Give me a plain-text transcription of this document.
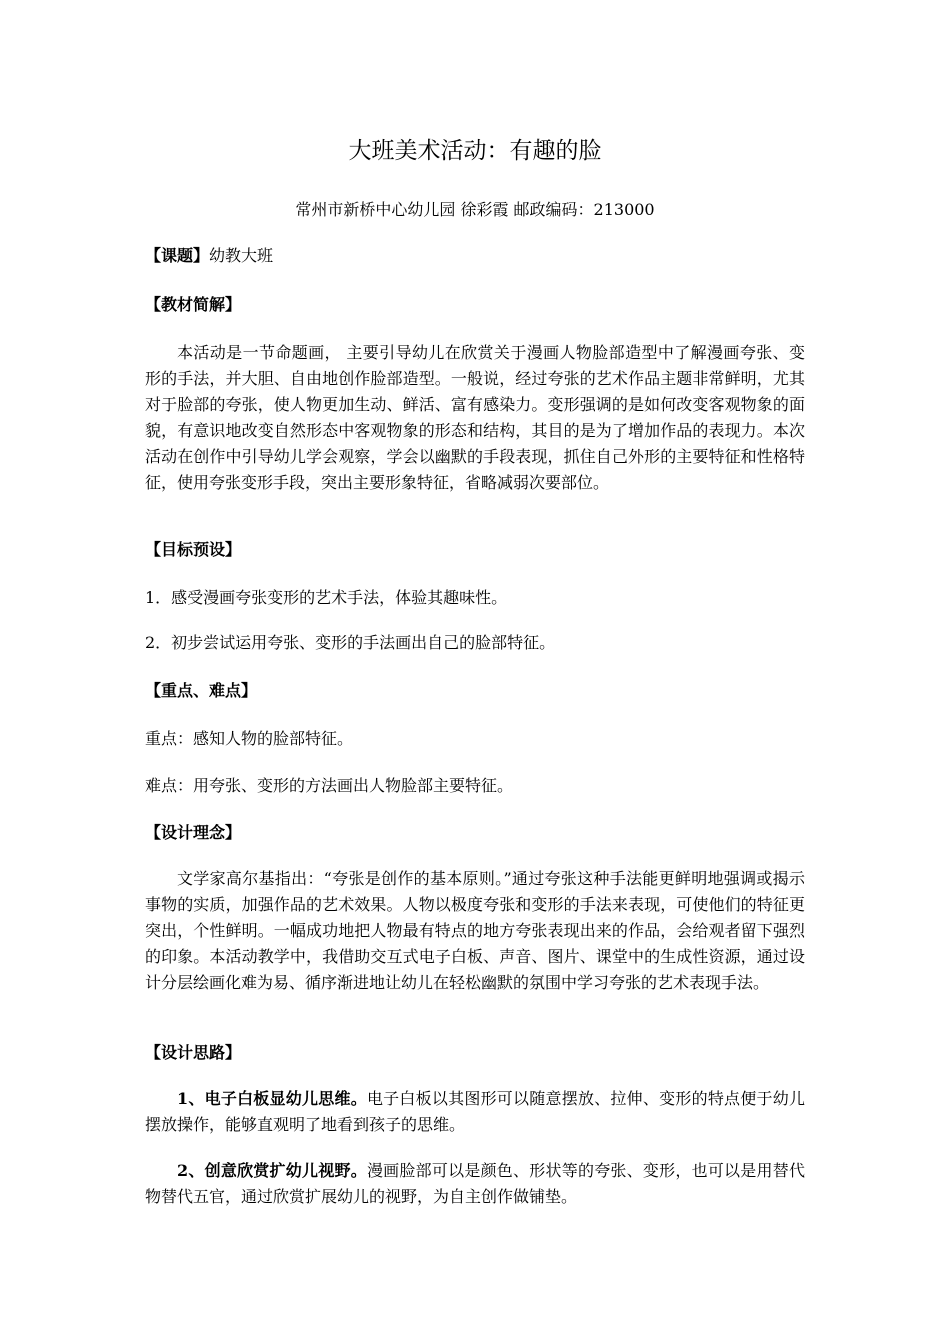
大班美术活动：有趣的脸

常州市新桥中心幼儿园 徐彩霞 邮政编码：213000

【课题】幼教大班

【教材简解】

本活动是一节命题画， 主要引导幼儿在欣赏关于漫画人物脸部造型中了解漫画夸张、变形的手法，并大胆、自由地创作脸部造型。一般说，经过夸张的艺术作品主题非常鲜明，尤其对于脸部的夸张，使人物更加生动、鲜活、富有感染力。变形强调的是如何改变客观物象的面貌，有意识地改变自然形态中客观物象的形态和结构，其目的是为了增加作品的表现力。本次活动在创作中引导幼儿学会观察，学会以幽默的手段表现，抓住自己外形的主要特征和性格特征，使用夸张变形手段，突出主要形象特征，省略减弱次要部位。

【目标预设】

1．感受漫画夸张变形的艺术手法，体验其趣味性。

2．初步尝试运用夸张、变形的手法画出自己的脸部特征。

【重点、难点】

重点：感知人物的脸部特征。

难点：用夸张、变形的方法画出人物脸部主要特征。

【设计理念】

文学家高尔基指出：“夸张是创作的基本原则。”通过夸张这种手法能更鲜明地强调或揭示事物的实质，加强作品的艺术效果。人物以极度夸张和变形的手法来表现，可使他们的特征更突出，个性鲜明。一幅成功地把人物最有特点的地方夸张表现出来的作品，会给观者留下强烈的印象。本活动教学中，我借助交互式电子白板、声音、图片、课堂中的生成性资源，通过设计分层绘画化难为易、循序渐进地让幼儿在轻松幽默的氛围中学习夸张的艺术表现手法。

【设计思路】

1、电子白板显幼儿思维。电子白板以其图形可以随意摆放、拉伸、变形的特点便于幼儿摆放操作，能够直观明了地看到孩子的思维。

2、创意欣赏扩幼儿视野。漫画脸部可以是颜色、形状等的夸张、变形，也可以是用替代物替代五官，通过欣赏扩展幼儿的视野，为自主创作做铺垫。
